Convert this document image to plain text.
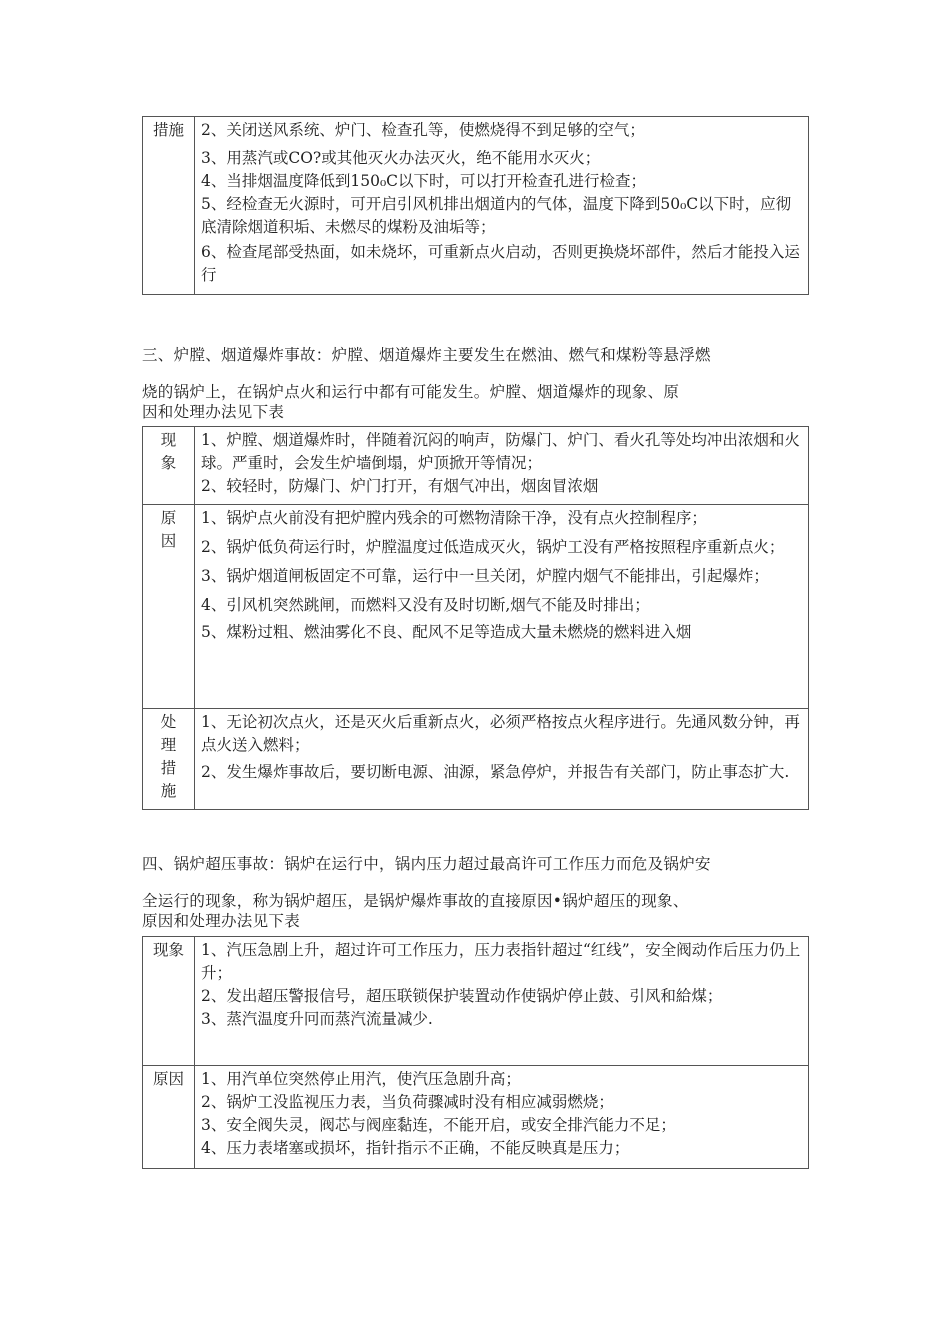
措施	2、关闭送风系统、炉门、检查孔等，使燃烧得不到足够的空气；
3、用蒸汽或CO?或其他灭火办法灭火，绝不能用水灭火；
4、当排烟温度降低到150₀C以下时，可以打开检查孔进行检查；
5、经检查无火源时，可开启引风机排出烟道内的气体，温度下降到50₀C以下时，应彻底清除烟道积垢、未燃尽的煤粉及油垢等；
6、检查尾部受热面，如未烧坏，可重新点火启动，否则更换烧坏部件，然后才能投入运行
三、炉膛、烟道爆炸事故：炉膛、烟道爆炸主要发生在燃油、燃气和煤粉等悬浮燃
烧的锅炉上，在锅炉点火和运行中都有可能发生。炉膛、烟道爆炸的现象、原
因和处理办法见下表
现象	1、炉膛、烟道爆炸时，伴随着沉闷的响声，防爆门、炉门、看火孔等处均冲出浓烟和火球。严重时，会发生炉墙倒塌，炉顶掀开等情况；
2、较轻时，防爆门、炉门打开，有烟气冲出，烟囱冒浓烟

原因	1、锅炉点火前没有把炉膛内残余的可燃物清除干净，没有点火控制程序；
2、锅炉低负荷运行时，炉膛温度过低造成灭火，锅炉工没有严格按照程序重新点火；
3、锅炉烟道闸板固定不可靠，运行中一旦关闭，炉膛内烟气不能排出，引起爆炸；
4、引风机突然跳闸，而燃料又没有及时切断,烟气不能及时排出；
5、煤粉过粗、燃油雾化不良、配风不足等造成大量未燃烧的燃料进入烟

处理措施	1、无论初次点火，还是灭火后重新点火，必须严格按点火程序进行。先通风数分钟，再点火送入燃料；
2、发生爆炸事故后，要切断电源、油源，紧急停炉，并报告有关部门，防止事态扩大.
四、锅炉超压事故：锅炉在运行中，锅内压力超过最高许可工作压力而危及锅炉安
全运行的现象，称为锅炉超压，是锅炉爆炸事故的直接原因•锅炉超压的现象、
原因和处理办法见下表
现象	1、汽压急剧上升，超过许可工作压力，压力表指针超过“红线”，安全阀动作后压力仍上升；
2、发出超压警报信号，超压联锁保护装置动作使锅炉停止鼓、引风和給煤；
3、蒸汽温度升冋而蒸汽流量减少.

原因	1、用汽单位突然停止用汽，使汽压急剧升高；
2、锅炉工没监视压力表，当负荷骤减时没有相应减弱燃烧；
3、安全阀失灵，阀芯与阀座黏连，不能开启，或安全排汽能力不足；
4、压力表堵塞或损坏，指针指示不正确，不能反映真是压力；
